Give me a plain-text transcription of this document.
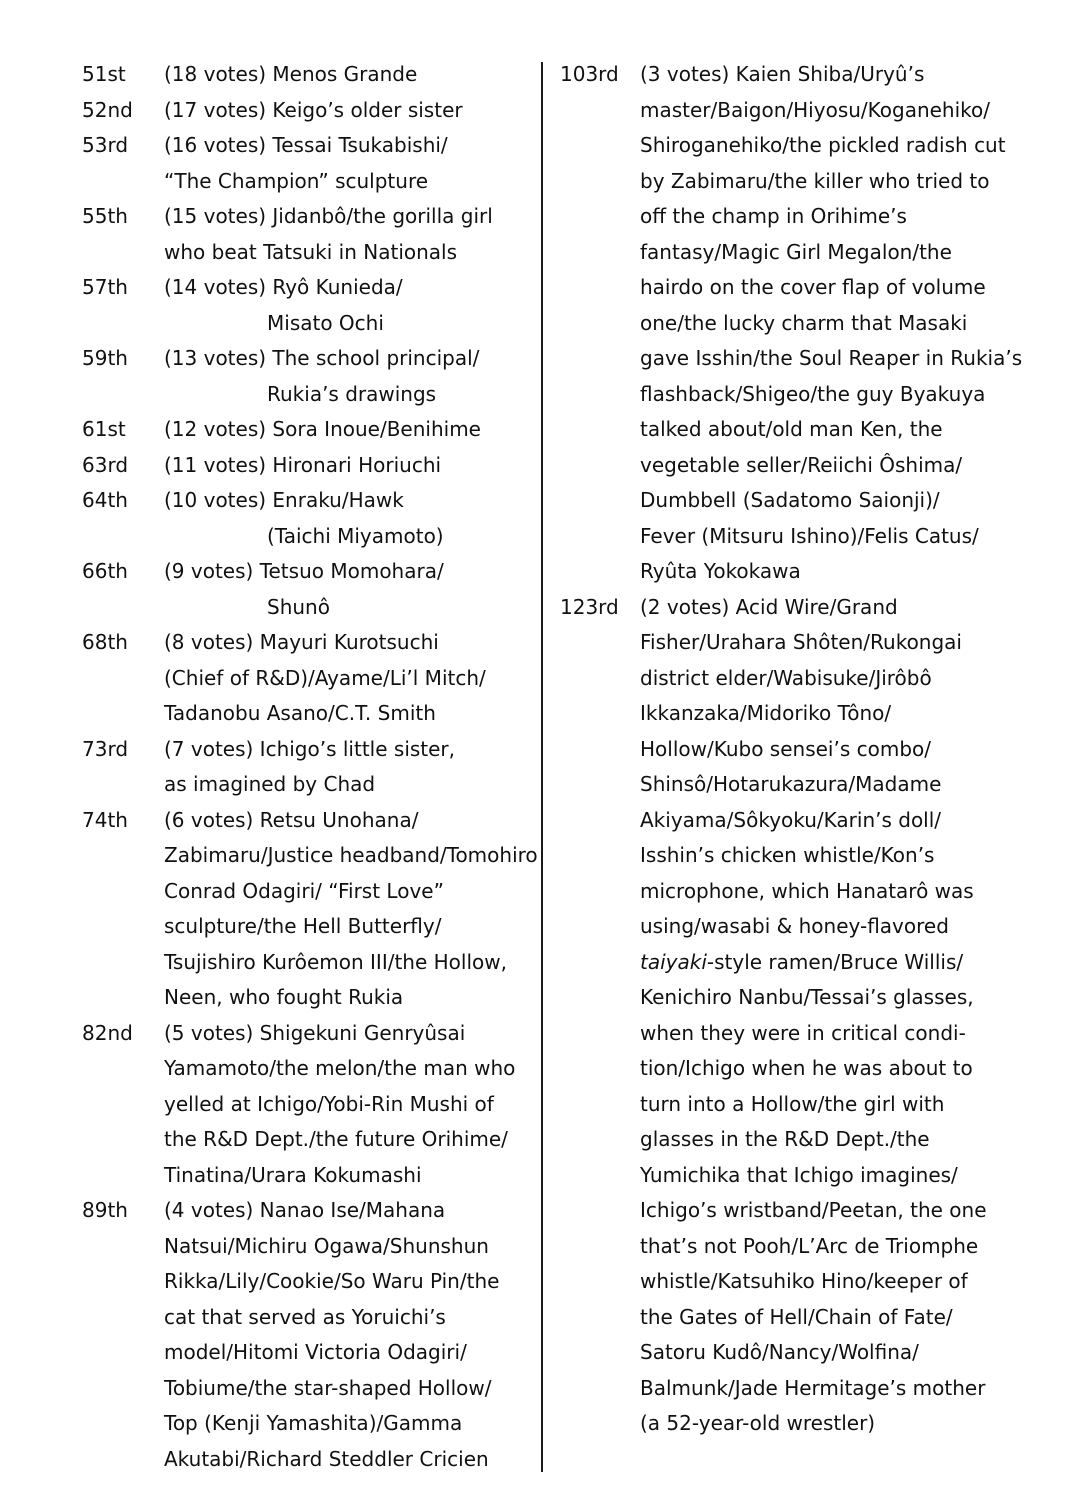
51st	(18 votes) Menos Grande
52nd	(17 votes) Keigo’s older sister
53rd	(16 votes) Tessai Tsukabishi/
“The Champion” sculpture
55th	(15 votes) Jidanbô/the gorilla girl
who beat Tatsuki in Nationals
57th	(14 votes) Ryô Kunieda/
Misato Ochi
59th	(13 votes) The school principal/
Rukia’s drawings
61st	(12 votes) Sora Inoue/Benihime
63rd	(11 votes) Hironari Horiuchi
64th	(10 votes) Enraku/Hawk
(Taichi Miyamoto)
66th	(9 votes) Tetsuo Momohara/
Shunô
68th	(8 votes) Mayuri Kurotsuchi
(Chief of R&D)/Ayame/Li’l Mitch/
Tadanobu Asano/C.T. Smith
73rd	(7 votes) Ichigo’s little sister,
as imagined by Chad
74th	(6 votes) Retsu Unohana/
Zabimaru/Justice headband/Tomohiro
Conrad Odagiri/ “First Love”
sculpture/the Hell Butterfly/
Tsujishiro Kurôemon III/the Hollow,
Neen, who fought Rukia
82nd	(5 votes) Shigekuni Genryûsai
Yamamoto/the melon/the man who
yelled at Ichigo/Yobi-Rin Mushi of
the R&D Dept./the future Orihime/
Tinatina/Urara Kokumashi
89th	(4 votes) Nanao Ise/Mahana
Natsui/Michiru Ogawa/Shunshun
Rikka/Lily/Cookie/So Waru Pin/the
cat that served as Yoruichi’s
model/Hitomi Victoria Odagiri/
Tobiume/the star-shaped Hollow/
Top (Kenji Yamashita)/Gamma
Akutabi/Richard Steddler Cricien
103rd	(3 votes) Kaien Shiba/Uryû’s
master/Baigon/Hiyosu/Koganehiko/
Shiroganehiko/the pickled radish cut
by Zabimaru/the killer who tried to
off the champ in Orihime’s
fantasy/Magic Girl Megalon/the
hairdo on the cover flap of volume
one/the lucky charm that Masaki
gave Isshin/the Soul Reaper in Rukia’s
flashback/Shigeo/the guy Byakuya
talked about/old man Ken, the
vegetable seller/Reiichi Ôshima/
Dumbbell (Sadatomo Saionji)/
Fever (Mitsuru Ishino)/Felis Catus/
Ryûta Yokokawa
123rd	(2 votes) Acid Wire/Grand
Fisher/Urahara Shôten/Rukongai
district elder/Wabisuke/Jirôbô
Ikkanzaka/Midoriko Tôno/
Hollow/Kubo sensei’s combo/
Shinsô/Hotarukazura/Madame
Akiyama/Sôkyoku/Karin’s doll/
Isshin’s chicken whistle/Kon’s
microphone, which Hanatarô was
using/wasabi & honey-flavored
taiyaki-style ramen/Bruce Willis/
Kenichiro Nanbu/Tessai’s glasses,
when they were in critical condi-
tion/Ichigo when he was about to
turn into a Hollow/the girl with
glasses in the R&D Dept./the
Yumichika that Ichigo imagines/
Ichigo’s wristband/Peetan, the one
that’s not Pooh/L’Arc de Triomphe
whistle/Katsuhiko Hino/keeper of
the Gates of Hell/Chain of Fate/
Satoru Kudô/Nancy/Wolfina/
Balmunk/Jade Hermitage’s mother
(a 52-year-old wrestler)
